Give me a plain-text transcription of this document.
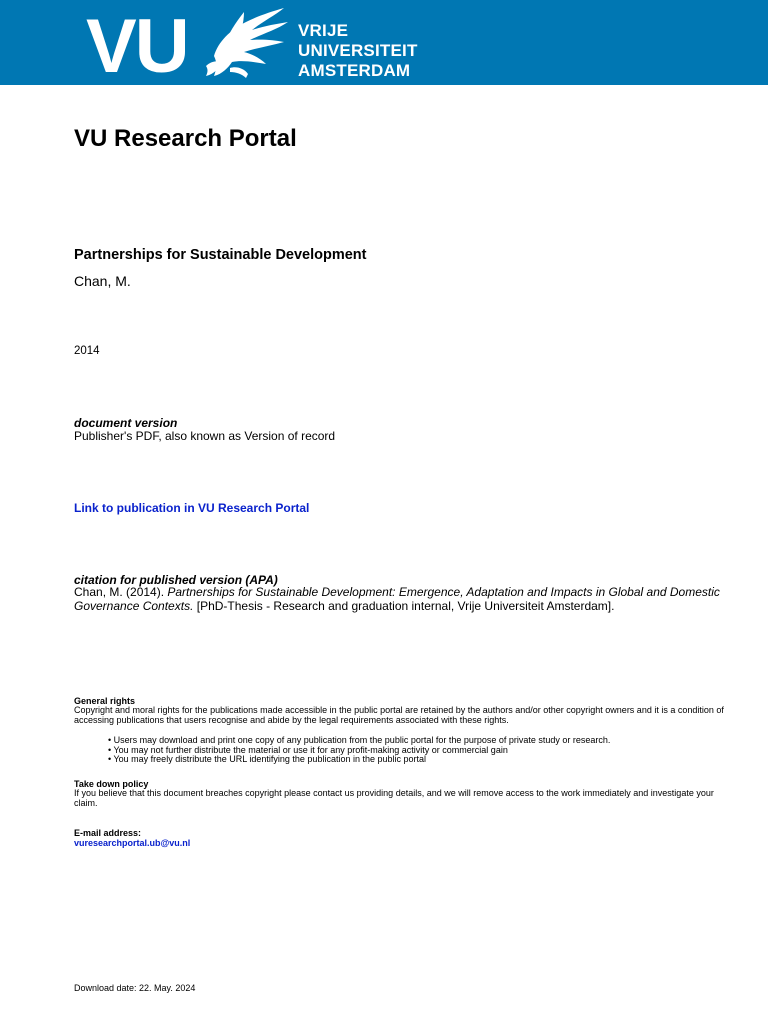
VU	VRIJE
UNIVERSITEIT
AMSTERDAM
VU Research Portal
Partnerships for Sustainable Development
Chan, M.
2014
document version
Publisher's PDF, also known as Version of record
Link to publication in VU Research Portal
citation for published version (APA)
Chan, M. (2014). Partnerships for Sustainable Development: Emergence, Adaptation and Impacts in Global and Domestic Governance Contexts. [PhD-Thesis - Research and graduation internal, Vrije Universiteit Amsterdam].
General rights
Copyright and moral rights for the publications made accessible in the public portal are retained by the authors and/or other copyright owners and it is a condition of accessing publications that users recognise and abide by the legal requirements associated with these rights.
• Users may download and print one copy of any publication from the public portal for the purpose of private study or research.
• You may not further distribute the material or use it for any profit-making activity or commercial gain
• You may freely distribute the URL identifying the publication in the public portal
Take down policy
If you believe that this document breaches copyright please contact us providing details, and we will remove access to the work immediately and investigate your claim.
E-mail address:
vuresearchportal.ub@vu.nl
Download date: 22. May. 2024
